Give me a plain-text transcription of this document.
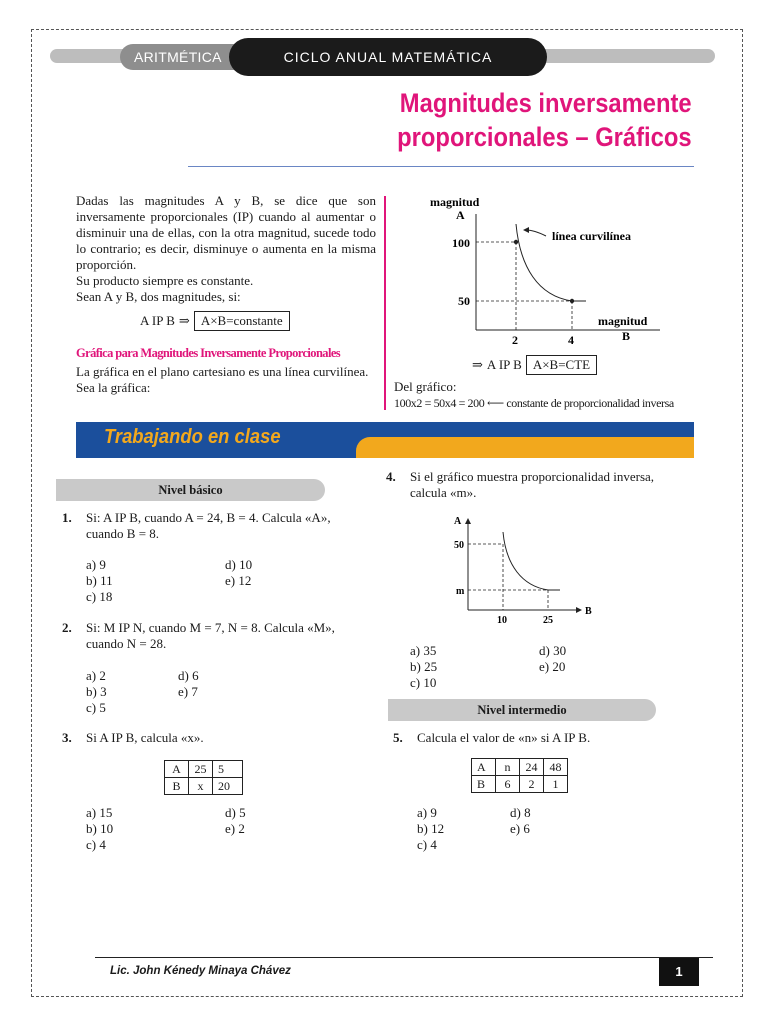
ARITMÉTICA	CICLO ANUAL MATEMÁTICA
Magnitudes inversamente
proporcionales – Gráficos
Dadas las magnitudes A y B, se dice que son inversamente proporcionales (IP) cuando al aumentar o disminuir una de ellas, con la otra magnitud, sucede todo lo contrario; es decir, disminuye o aumenta en la misma proporción.
Su producto siempre es constante.
Sean A y B, dos magnitudes, si:
A IP B ⇒ A×B=constante
Gráfica para Magnitudes Inversamente Proporcionales
La gráfica en el plano cartesiano es una línea curvilínea.
Sea la gráfica:
magnitud
A
100
50
2	4
magnitud
B
línea curvilínea
⇒ A IP B A×B=CTE
Del gráfico:
100x2 = 50x4 = 200 ⟵ constante de proporcionalidad inversa
Trabajando en clase
Nivel básico
1. Si: A IP B, cuando A = 24, B = 4. Calcula «A», cuando B = 8.
a) 9
b) 11
c) 18
d) 10
e) 12
2. Si: M IP N, cuando M = 7, N = 8. Calcula «M», cuando N = 28.
a) 2
b) 3
c) 5
d) 6
e) 7
3. Si A IP B, calcula «x».
A	25	5
B	x	20
a) 15
b) 10
c) 4
d) 5
e) 2
4. Si el gráfico muestra proporcionalidad inversa, calcula «m».
A
B
50
m
10	25
a) 35
b) 25
c) 10
d) 30
e) 20
Nivel intermedio
5. Calcula el valor de «n» si A IP B.
A	n	24	48
B	6	2	1
a) 9
b) 12
c) 4
d) 8
e) 6
Lic. John Kénedy Minaya Chávez	1
